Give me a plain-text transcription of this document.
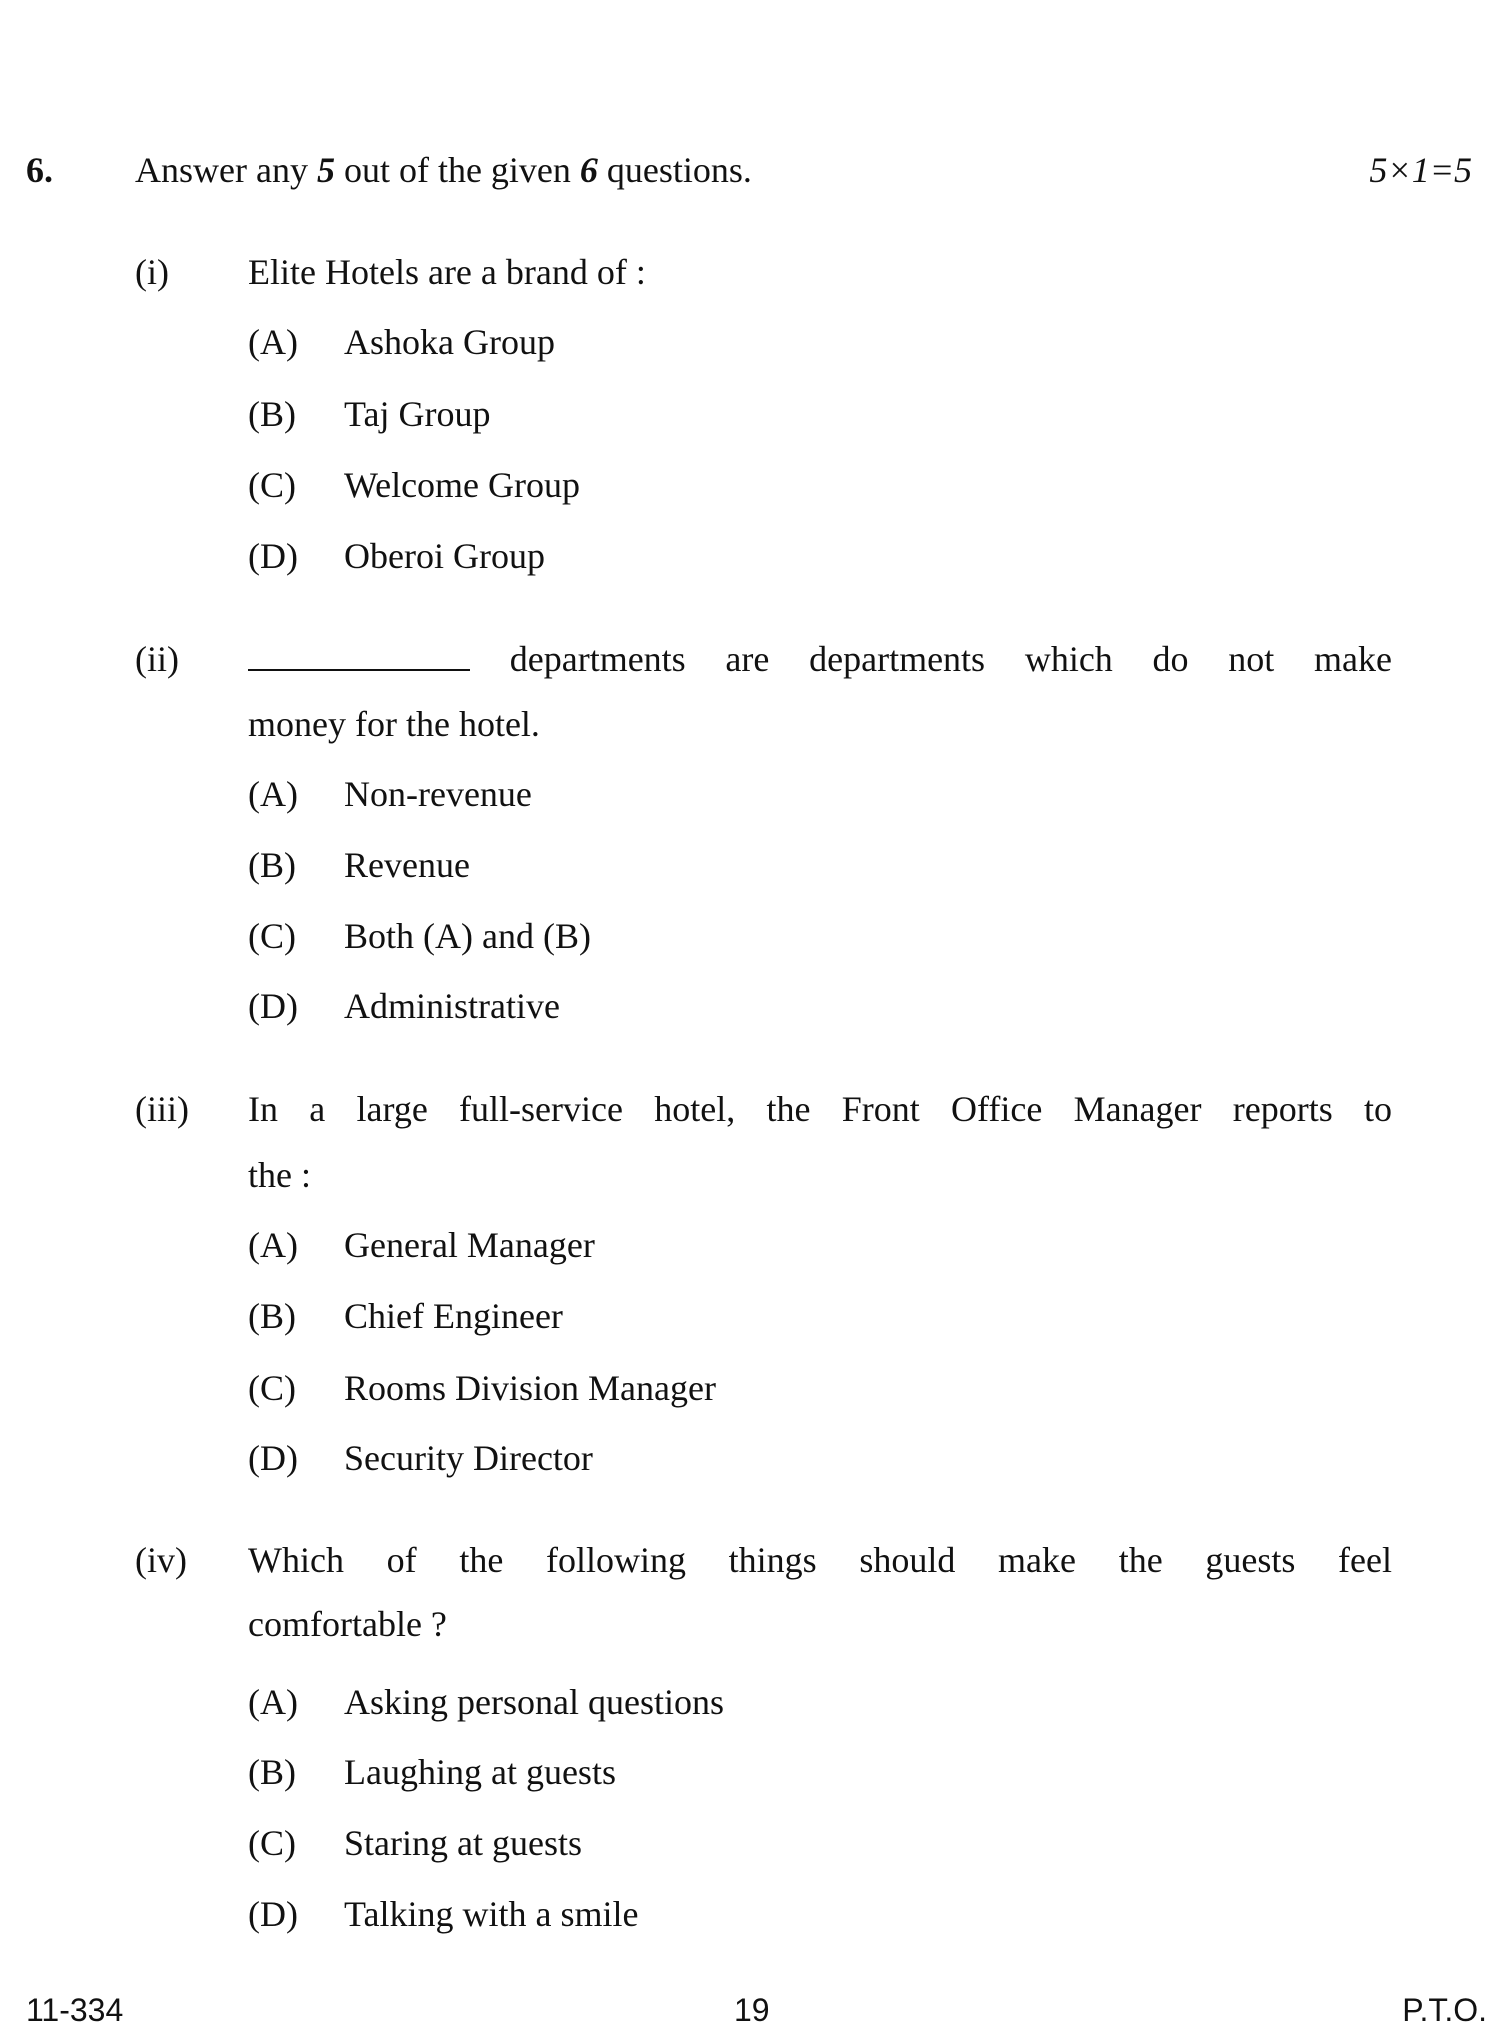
6. Answer any 5 out of the given 6 questions.	5×1=5
(i) Elite Hotels are a brand of :
(ii)	departments are departments which do not make
money for the hotel.
(iii) In a large full-service hotel, the Front Office Manager reports to
the :
(iv) Which of the following things should make the guests feel
comfortable ?
(A) Ashoka Group
(B) Taj Group
(C) Welcome Group
(D) Oberoi Group
(A) Non-revenue
(B) Revenue
(C) Both (A) and (B)
(D) Administrative
(A) General Manager
(B) Chief Engineer
(C) Rooms Division Manager
(D) Security Director
(A) Asking personal questions
(B) Laughing at guests
(C) Staring at guests
(D) Talking with a smile
11-334	19	P.T.O.
